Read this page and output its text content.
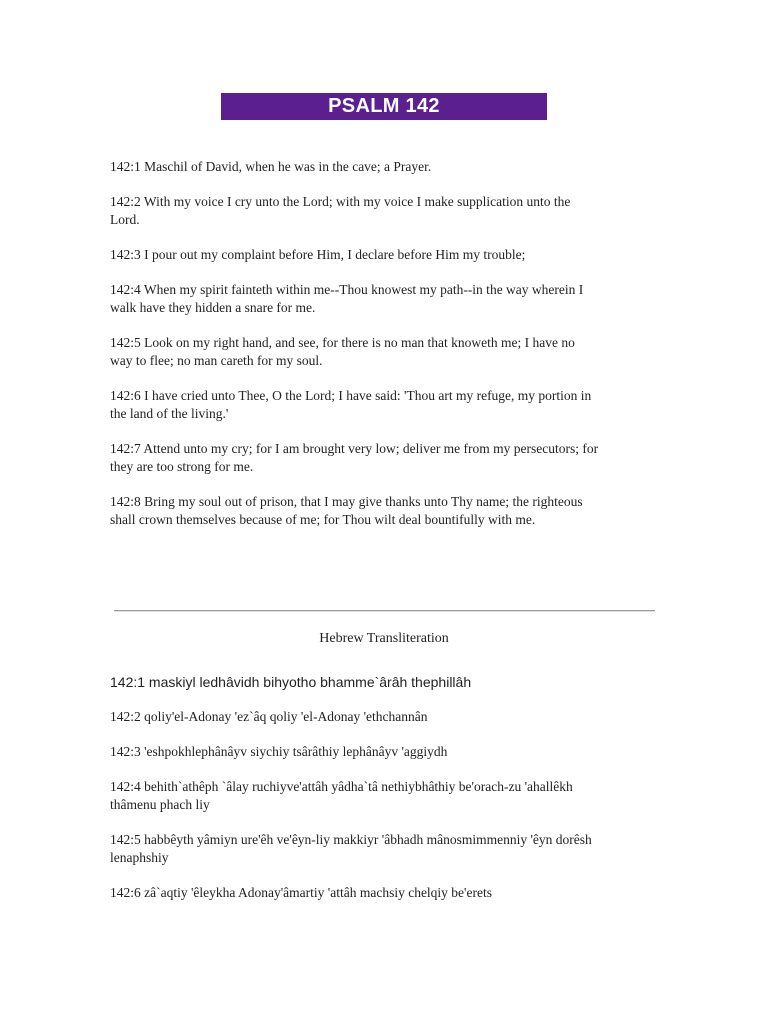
PSALM 142

142:1 Maschil of David, when he was in the cave; a Prayer.

142:2 With my voice I cry unto the Lord; with my voice I make supplication unto the Lord.

142:3 I pour out my complaint before Him, I declare before Him my trouble;

142:4 When my spirit fainteth within me--Thou knowest my path--in the way wherein I walk have they hidden a snare for me.

142:5 Look on my right hand, and see, for there is no man that knoweth me; I have no way to flee; no man careth for my soul.

142:6 I have cried unto Thee, O the Lord; I have said: 'Thou art my refuge, my portion in the land of the living.'

142:7 Attend unto my cry; for I am brought very low; deliver me from my persecutors; for they are too strong for me.

142:8 Bring my soul out of prison, that I may give thanks unto Thy name; the righteous shall crown themselves because of me; for Thou wilt deal bountifully with me.

Hebrew Transliteration

142:1 maskiyl ledhâvidh bihyotho bhamme`ârâh thephillâh

142:2 qoliy'el-Adonay 'ez`âq qoliy 'el-Adonay 'ethchannân

142:3 'eshpokhlephânâyv siychiy tsârâthiy lephânâyv 'aggiydh

142:4 behith`athêph `âlay ruchiyve'attâh yâdha`tâ nethiybhâthiy be'orach-zu 'ahallêkh thâmenu phach liy

142:5 habbêyth yâmiyn ure'êh ve'êyn-liy makkiyr 'âbhadh mânosmimmenniy 'êyn dorêsh lenaphshiy

142:6 zâ`aqtiy 'êleykha Adonay'âmartiy 'attâh machsiy chelqiy be'erets
